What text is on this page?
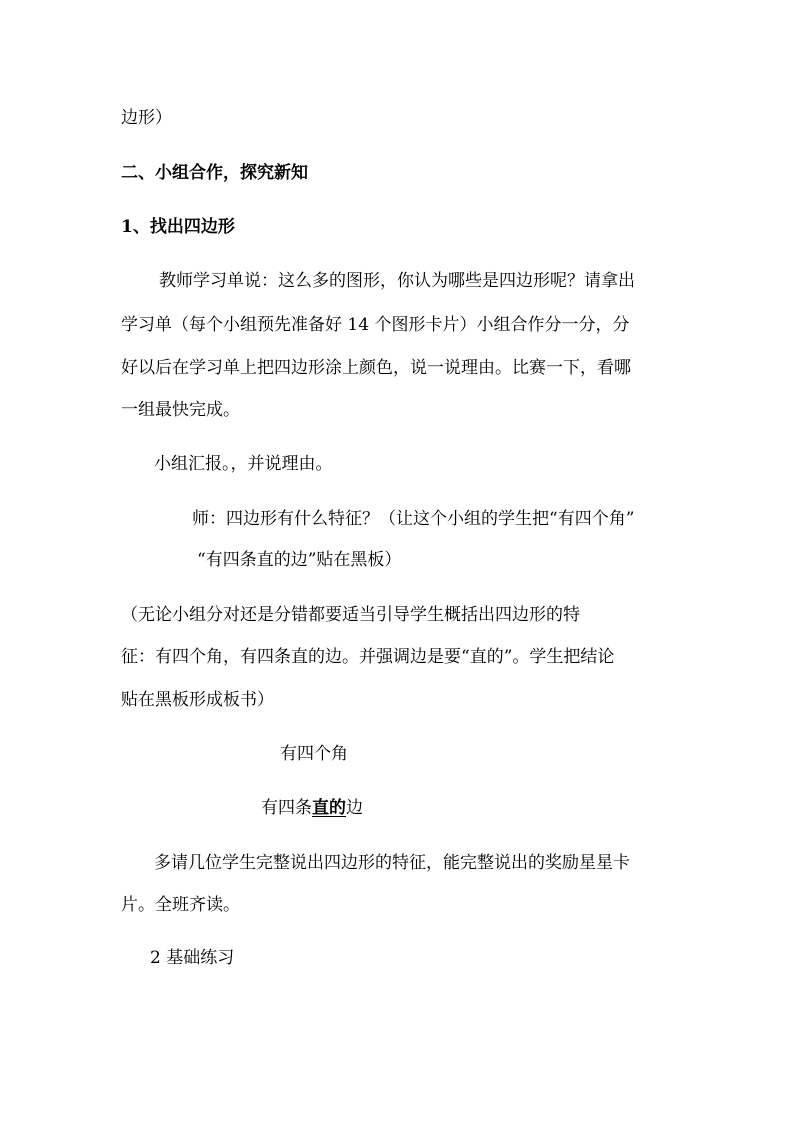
边形）
二、小组合作，探究新知
1、找出四边形
教师学习单说：这么多的图形，你认为哪些是四边形呢？请拿出
学习单（每个小组预先准备好 14 个图形卡片）小组合作分一分，分
好以后在学习单上把四边形涂上颜色，说一说理由。比赛一下，看哪
一组最快完成。
小组汇报。，并说理由。
师：四边形有什么特征？（让这个小组的学生把“有四个角”
“有四条直的边”贴在黑板）
（无论小组分对还是分错都要适当引导学生概括出四边形的特
征：有四个角，有四条直的边。并强调边是要“直的”。学生把结论
贴在黑板形成板书）
有四个角
有四条直的边
多请几位学生完整说出四边形的特征，能完整说出的奖励星星卡
片。全班齐读。
2 基础练习
